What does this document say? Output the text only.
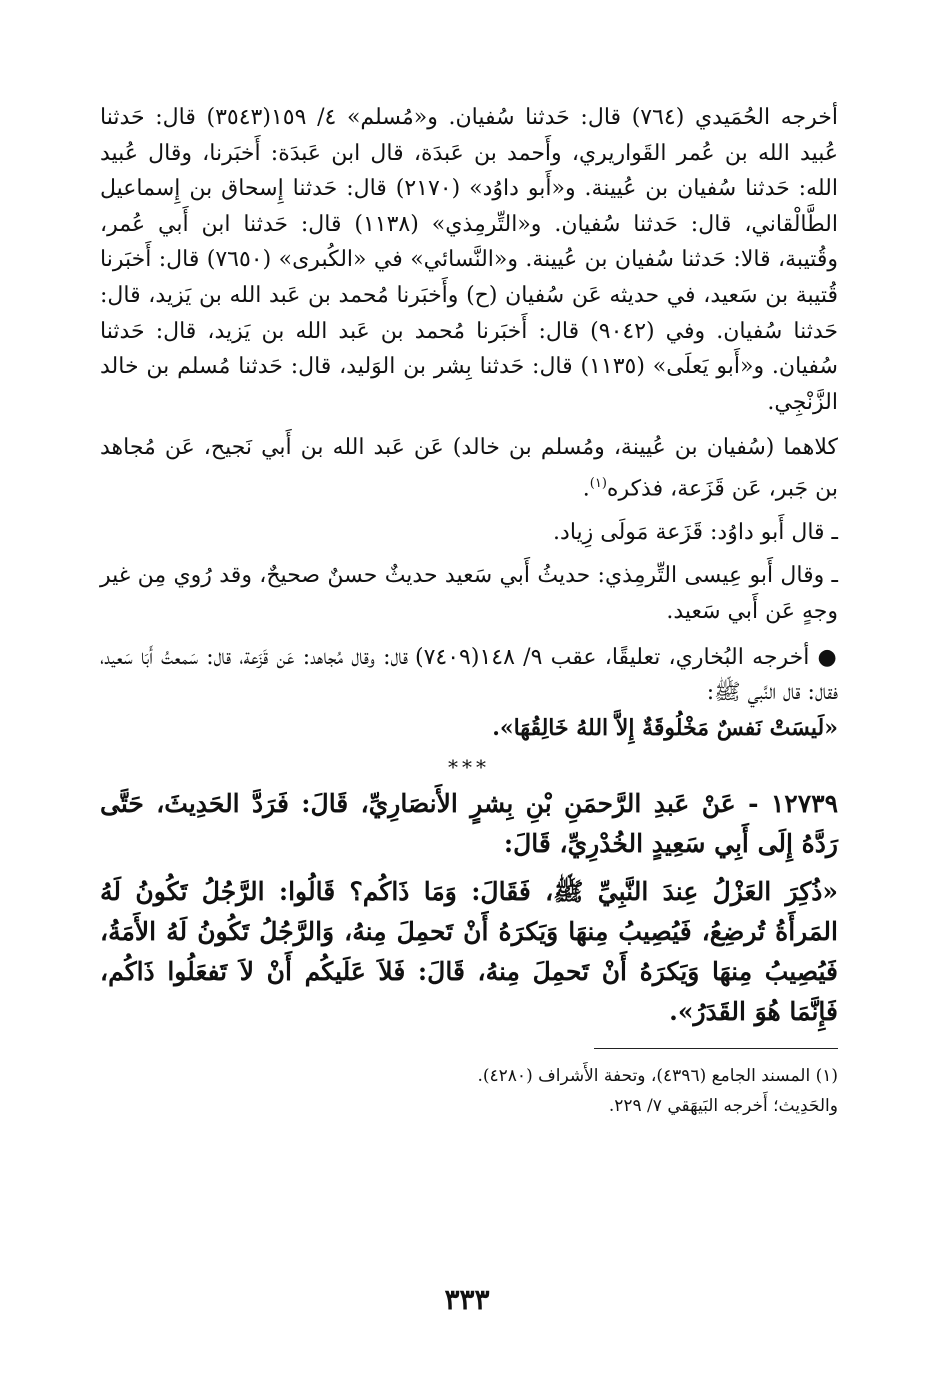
أخرجه الحُمَيدي (٧٦٤) قال: حَدثنا سُفيان. و«مُسلم» ٤/ ١٥٩(٣٥٤٣) قال: حَدثنا عُبيد الله بن عُمر القَواريري، وأَحمد بن عَبدَة، قال ابن عَبدَة: أَخبَرنا، وقال عُبيد الله: حَدثنا سُفيان بن عُيينة. و«أَبو داوُد» (٢١٧٠) قال: حَدثنا إِسحاق بن إِسماعيل الطَّالْقاني، قال: حَدثنا سُفيان. و«التِّرمِذي» (١١٣٨) قال: حَدثنا ابن أَبي عُمر، وقُتيبة، قالا: حَدثنا سُفيان بن عُيينة. و«النَّسائي» في «الكُبرى» (٧٦٥٠) قال: أَخبَرنا قُتيبة بن سَعيد، في حديثه عَن سُفيان (ح) وأَخبَرنا مُحمد بن عَبد الله بن يَزيد، قال: حَدثنا سُفيان. وفي (٩٠٤٢) قال: أَخبَرنا مُحمد بن عَبد الله بن يَزيد، قال: حَدثنا سُفيان. و«أَبو يَعلَى» (١١٣٥) قال: حَدثنا بِشر بن الوَليد، قال: حَدثنا مُسلم بن خالد الزَّنْجِي.

كلاهما (سُفيان بن عُيينة، ومُسلم بن خالد) عَن عَبد الله بن أَبي نَجيح، عَن مُجاهد بن جَبر، عَن قَزَعة، فذكره$^{(١)}$.

ـ قال أَبو داوُد: قَزَعة مَولَى زِياد.

ـ وقال أَبو عِيسى التِّرمِذي: حديثُ أَبي سَعيد حديثٌ حسنٌ صحيحٌ، وقد رُوي مِن غير وجهٍ عَن أَبي سَعيد.

● أخرجه البُخاري، تعليقًا، عقب ٩/ ١٤٨(٧٤٠٩) قال: وقال مُجاهد: عَن قَزَعة، قال: سَمعتُ أَبَا سَعيد، فقال: قال النَّبي ﷺ:

«لَيسَتْ نَفسٌ مَخْلُوقَةٌ إِلاَّ اللهُ خَالِقُهَا».

***

١٢٧٣٩ - عَنْ عَبدِ الرَّحمَنِ بْنِ بِشرٍ الأَنصَارِيِّ، قَالَ: فَرَدَّ الحَدِيثَ، حَتَّى رَدَّهُ إِلَى أَبِي سَعِيدٍ الخُدْرِيِّ، قَالَ:

«ذُكِرَ العَزْلُ عِندَ النَّبِيِّ ﷺ، فَقَالَ: وَمَا ذَاكُم؟ قَالُوا: الرَّجُلُ تَكُونُ لَهُ المَرأَةُ تُرضِعُ، فَيُصِيبُ مِنهَا وَيَكرَهُ أَنْ تَحمِلَ مِنهُ، وَالرَّجُلُ تَكُونُ لَهُ الأَمَةُ، فَيُصِيبُ مِنهَا وَيَكرَهُ أَنْ تَحمِلَ مِنهُ، قَالَ: فَلاَ عَلَيكُم أَنْ لاَ تَفعَلُوا ذَاكُم، فَإِنَّمَا هُوَ القَدَرُ».

(١) المسند الجامع (٤٣٩٦)، وتحفة الأَشراف (٤٢٨٠).

والحَدِيث؛ أَخرجه البَيهَقي ٧/ ٢٢٩.

٣٣٣
